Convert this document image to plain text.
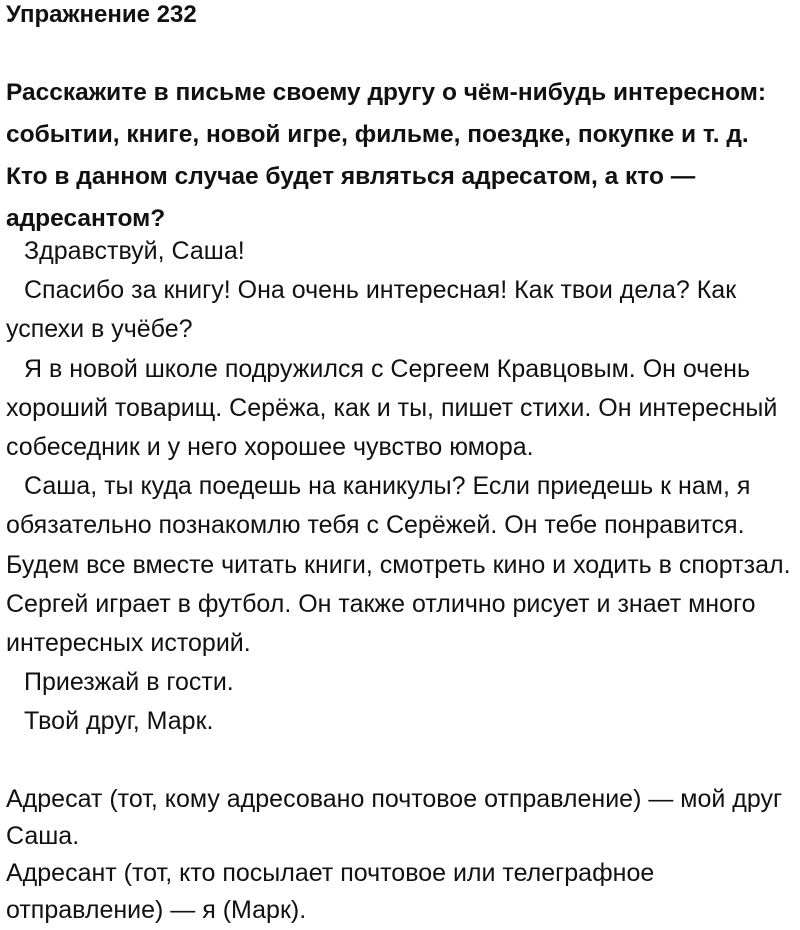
Упражнение 232

Расскажите в письме своему другу о чём-нибудь интересном: событии, книге, новой игре, фильме, поездке, покупке и т. д. Кто в данном случае будет являться адресатом, а кто — адресантом?

Здравствуй, Саша!

Спасибо за книгу! Она очень интересная! Как твои дела? Как успехи в учёбе?

Я в новой школе подружился с Сергеем Кравцовым. Он очень хороший товарищ. Серёжа, как и ты, пишет стихи. Он интересный собеседник и у него хорошее чувство юмора.

Саша, ты куда поедешь на каникулы? Если приедешь к нам, я обязательно познакомлю тебя с Серёжей. Он тебе понравится. Будем все вместе читать книги, смотреть кино и ходить в спортзал. Сергей играет в футбол. Он также отлично рисует и знает много интересных историй.

Приезжай в гости.

Твой друг, Марк.

Адресат (тот, кому адресовано почтовое отправление) — мой друг Саша.

Адресант (тот, кто посылает почтовое или телеграфное отправление) — я (Марк).
